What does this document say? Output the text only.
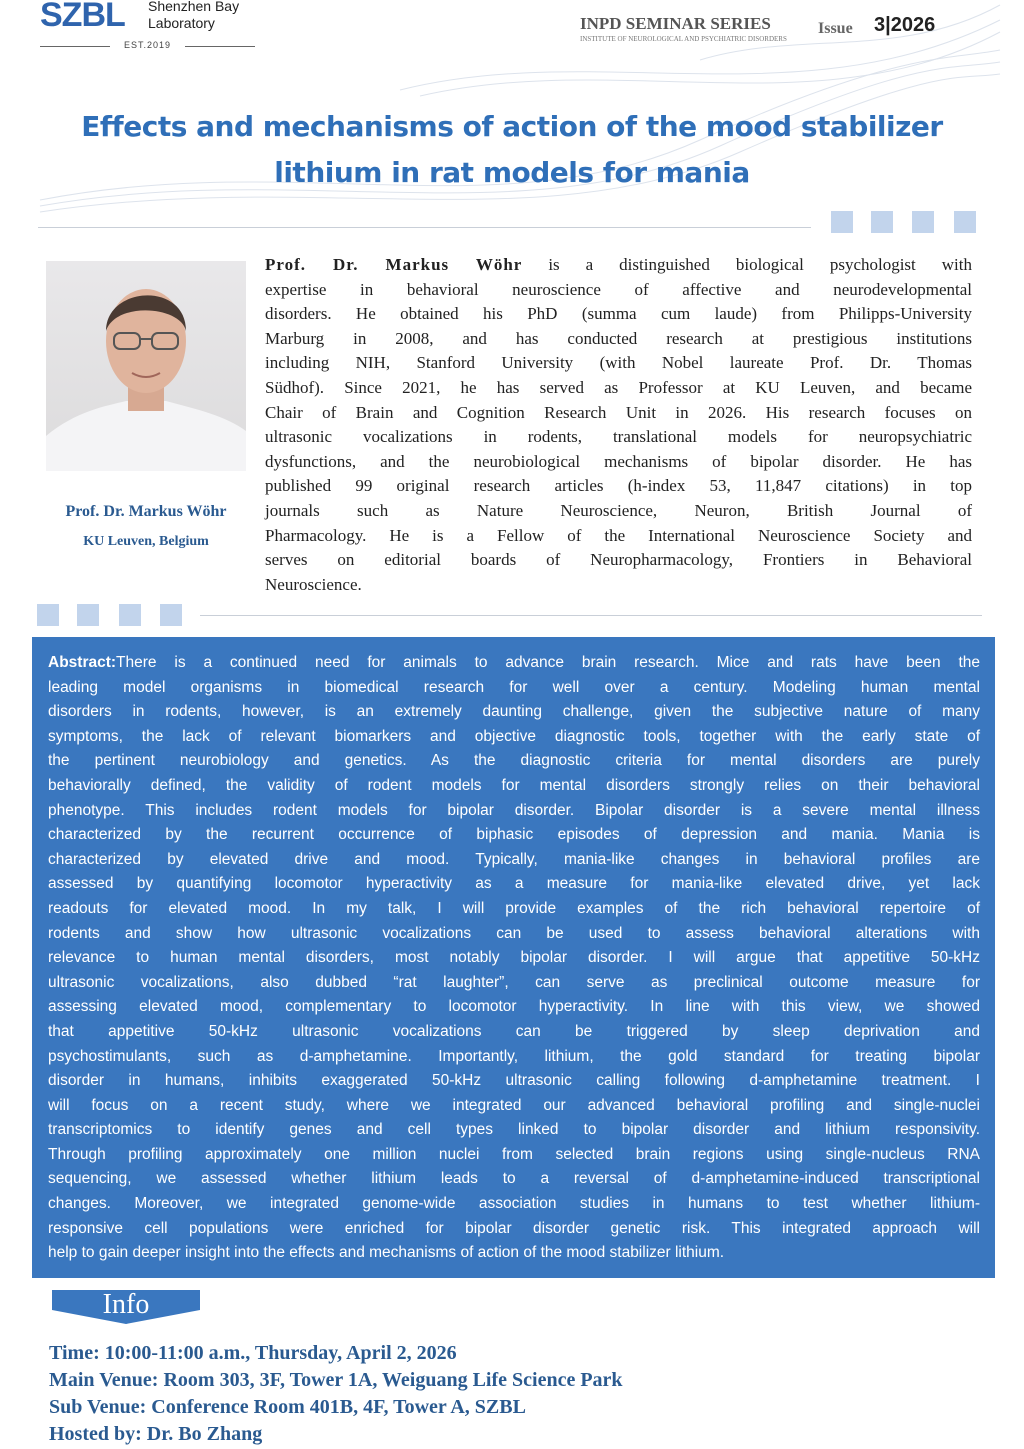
SZBL Shenzhen Bay
Laboratory
EST.2019
INPD SEMINAR SERIES
INSTITUTE OF NEUROLOGICAL AND PSYCHIATRIC DISORDERS
Issue 3|2026
Effects and mechanisms of action of the mood stabilizer
lithium in rat models for mania
Prof. Dr. Markus Wöhr
KU Leuven, Belgium
Prof. Dr. Markus Wöhr is a distinguished biological psychologist with
expertise in behavioral neuroscience of affective and neurodevelopmental
disorders. He obtained his PhD (summa cum laude) from Philipps-University
Marburg in 2008, and has conducted research at prestigious institutions
including NIH, Stanford University (with Nobel laureate Prof. Dr. Thomas
Südhof). Since 2021, he has served as Professor at KU Leuven, and became
Chair of Brain and Cognition Research Unit in 2026. His research focuses on
ultrasonic vocalizations in rodents, translational models for neuropsychiatric
dysfunctions, and the neurobiological mechanisms of bipolar disorder. He has
published 99 original research articles (h-index 53, 11,847 citations) in top
journals such as Nature Neuroscience, Neuron, British Journal of
Pharmacology. He is a Fellow of the International Neuroscience Society and
serves on editorial boards of Neuropharmacology, Frontiers in Behavioral
Neuroscience.
Abstract:There is a continued need for animals to advance brain research. Mice and rats have been the
leading model organisms in biomedical research for well over a century. Modeling human mental
disorders in rodents, however, is an extremely daunting challenge, given the subjective nature of many
symptoms, the lack of relevant biomarkers and objective diagnostic tools, together with the early state of
the pertinent neurobiology and genetics. As the diagnostic criteria for mental disorders are purely
behaviorally defined, the validity of rodent models for mental disorders strongly relies on their behavioral
phenotype. This includes rodent models for bipolar disorder. Bipolar disorder is a severe mental illness
characterized by the recurrent occurrence of biphasic episodes of depression and mania. Mania is
characterized by elevated drive and mood. Typically, mania-like changes in behavioral profiles are
assessed by quantifying locomotor hyperactivity as a measure for mania-like elevated drive, yet lack
readouts for elevated mood. In my talk, I will provide examples of the rich behavioral repertoire of
rodents and show how ultrasonic vocalizations can be used to assess behavioral alterations with
relevance to human mental disorders, most notably bipolar disorder. I will argue that appetitive 50-kHz
ultrasonic vocalizations, also dubbed “rat laughter”, can serve as preclinical outcome measure for
assessing elevated mood, complementary to locomotor hyperactivity. In line with this view, we showed
that appetitive 50-kHz ultrasonic vocalizations can be triggered by sleep deprivation and
psychostimulants, such as d-amphetamine. Importantly, lithium, the gold standard for treating bipolar
disorder in humans, inhibits exaggerated 50-kHz ultrasonic calling following d-amphetamine treatment. I
will focus on a recent study, where we integrated our advanced behavioral profiling and single-nuclei
transcriptomics to identify genes and cell types linked to bipolar disorder and lithium responsivity.
Through profiling approximately one million nuclei from selected brain regions using single-nucleus RNA
sequencing, we assessed whether lithium leads to a reversal of d-amphetamine-induced transcriptional
changes. Moreover, we integrated genome-wide association studies in humans to test whether lithium-
responsive cell populations were enriched for bipolar disorder genetic risk. This integrated approach will
help to gain deeper insight into the effects and mechanisms of action of the mood stabilizer lithium.
Info
Time: 10:00-11:00 a.m., Thursday, April 2, 2026
Main Venue: Room 303, 3F, Tower 1A, Weiguang Life Science Park
Sub Venue: Conference Room 401B, 4F, Tower A, SZBL
Hosted by: Dr. Bo Zhang
